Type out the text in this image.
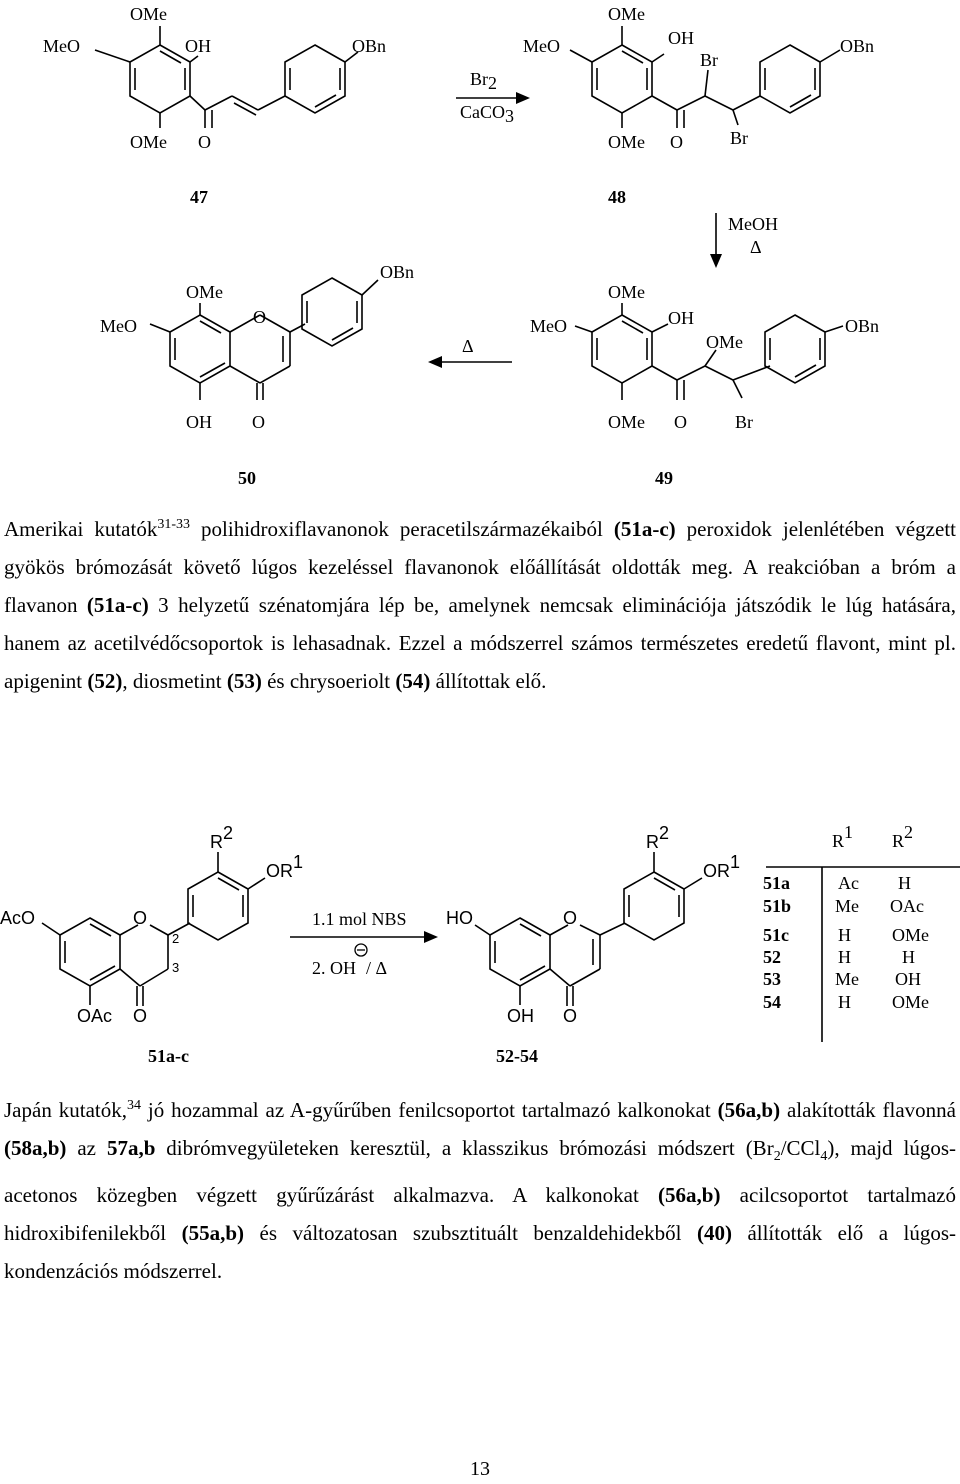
MeO
OMe
OH	OBn
OMe O
47
Br2
CaCO3
MeO
OMe
OH
Br
OBn
OMe O	Br
48
MeOH
Δ
MeO
OMe
OH
OMe
OBn
OMe O	Br
49
Δ
MeO
OMe
O
OBn
OH O
50

Amerikai kutatók$^{31-33}$ polihidroxiflavanonok peracetilszármazékaiból (51a-c) peroxidok jelenlétében végzett gyökös brómozását követő lúgos kezeléssel flavanonok előállítását oldották meg. A reakcióban a bróm a flavanon (51a-c) 3 helyzetű szénatomjára lép be, amelynek nemcsak eliminációja játszódik le lúg hatására, hanem az acetilvédőcsoportok is lehasadnak. Ezzel a módszerrel számos természetes eredetű flavont, mint pl. apigenint (52), diosmetint (53) és chrysoeriolt (54) állítottak elő.

AcO	O
R2
OR1
2
3
OAc O
51a-c
1.1 mol NBS
2. OH / Δ
HO	O
R2
OR1
OH O
52-54
R1 R2
51a	Ac H
51b Me OAc
51c	H OMe
52	H	H
53	Me OH
54	H OMe

Japán kutatók,$^{34}$ jó hozammal az A-gyűrűben fenilcsoportot tartalmazó kalkonokat (56a,b) alakították flavonná (58a,b) az 57a,b dibrómvegyületeken keresztül, a klasszikus brómozási módszert $(Br_2/CCl_4)$, majd lúgos-acetonos közegben végzett gyűrűzárást alkalmazva. A kalkonokat (56a,b) acilcsoportot tartalmazó hidroxibifenilekből (55a,b) és változatosan szubsztituált benzaldehidekből (40) állították elő a lúgos-kondenzációs módszerrel.

13
